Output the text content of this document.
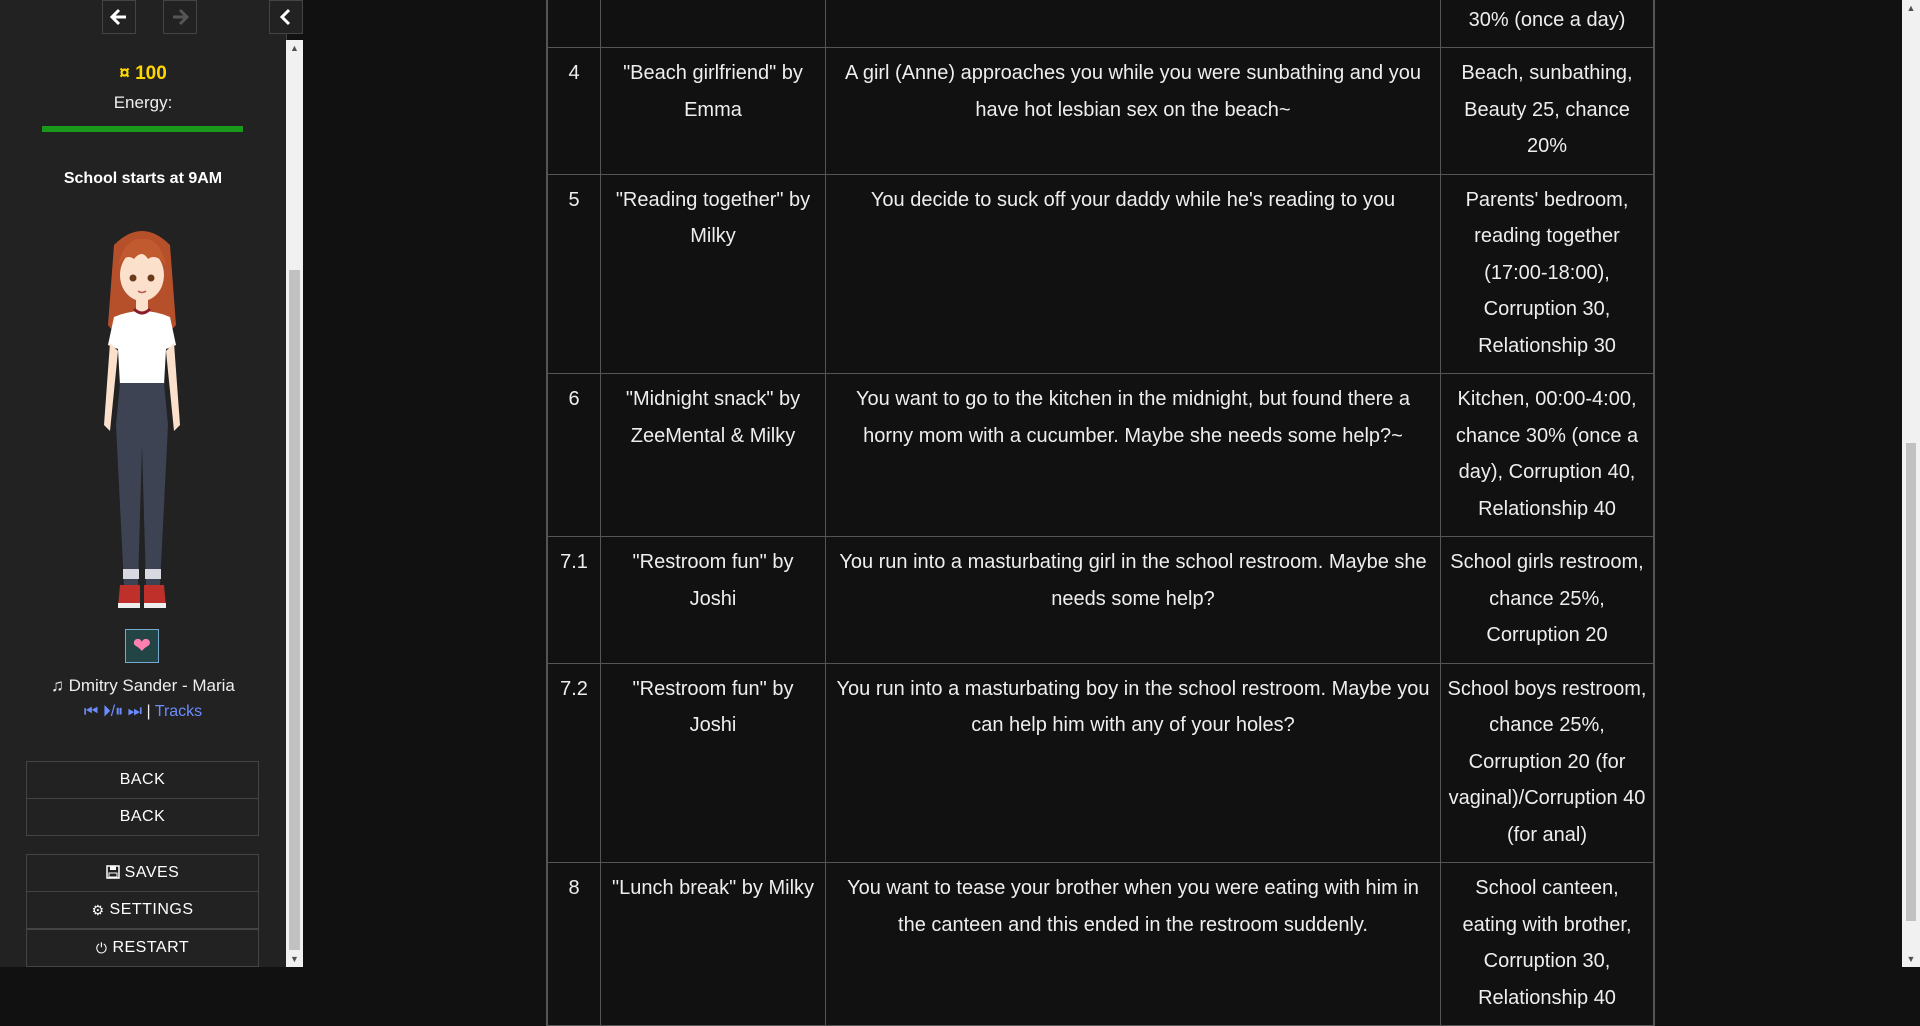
¤ 100
Energy:
School starts at 9AM
❤
♫ Dmitry Sander - Maria
⏮ ⏵/⏸ ⏭ | Tracks
BACK
BACK
SAVES
⚙ SETTINGS
⏻ RESTART
▲
▼
			30% (once a day)
4	"Beach girlfriend" by Emma	A girl (Anne) approaches you while you were sunbathing and you have hot lesbian sex on the beach~	Beach, sunbathing, Beauty 25, chance 20%
5	"Reading together" by Milky	You decide to suck off your daddy while he's reading to you	Parents' bedroom, reading together (17:00-18:00), Corruption 30, Relationship 30
6	"Midnight snack" by ZeeMental & Milky	You want to go to the kitchen in the midnight, but found there a horny mom with a cucumber. Maybe she needs some help?~	Kitchen, 00:00-4:00, chance 30% (once a day), Corruption 40, Relationship 40
7.1	"Restroom fun" by Joshi	You run into a masturbating girl in the school restroom. Maybe she needs some help?	School girls restroom, chance 25%, Corruption 20
7.2	"Restroom fun" by Joshi	You run into a masturbating boy in the school restroom. Maybe you can help him with any of your holes?	School boys restroom, chance 25%, Corruption 20 (for vaginal)/Corruption 40 (for anal)
8	"Lunch break" by Milky	You want to tease your brother when you were eating with him in the canteen and this ended in the restroom suddenly.	School canteen, eating with brother, Corruption 30, Relationship 40
▲
▼
